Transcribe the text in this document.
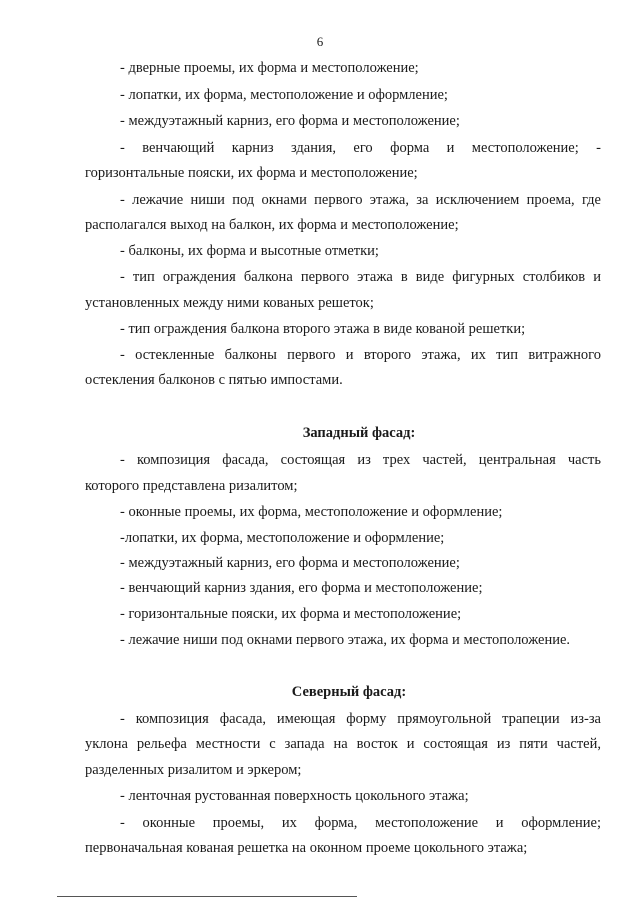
6
- дверные проемы, их форма и местоположение;
- лопатки, их форма, местоположение и оформление;
- междуэтажный карниз, его форма и местоположение;
- венчающий карниз здания, его форма и местоположение; -
горизонтальные пояски, их форма и местоположение;
- лежачие ниши под окнами первого этажа, за исключением проема, где
располагался выход на балкон, их форма и местоположение;
- балконы, их форма и высотные отметки;
- тип ограждения балкона первого этажа в виде фигурных столбиков и
установленных между ними кованых решеток;
- тип ограждения балкона второго этажа в виде кованой решетки;
- остекленные балконы первого и второго этажа, их тип витражного
остекления балконов с пятью импостами.
Западный фасад:
- композиция фасада, состоящая из трех частей, центральная часть
которого представлена ризалитом;
- оконные проемы, их форма, местоположение и оформление;
-лопатки, их форма, местоположение и оформление;
- междуэтажный карниз, его форма и местоположение;
- венчающий карниз здания, его форма и местоположение;
- горизонтальные пояски, их форма и местоположение;
- лежачие ниши под окнами первого этажа, их форма и местоположение.
Северный фасад:
- композиция фасада, имеющая форму прямоугольной трапеции из-за
уклона рельефа местности с запада на восток и состоящая из пяти частей,
разделенных ризалитом и эркером;
- ленточная рустованная поверхность цокольного этажа;
- оконные проемы, их форма, местоположение и оформление;
первоначальная кованая решетка на оконном проеме цокольного этажа;
